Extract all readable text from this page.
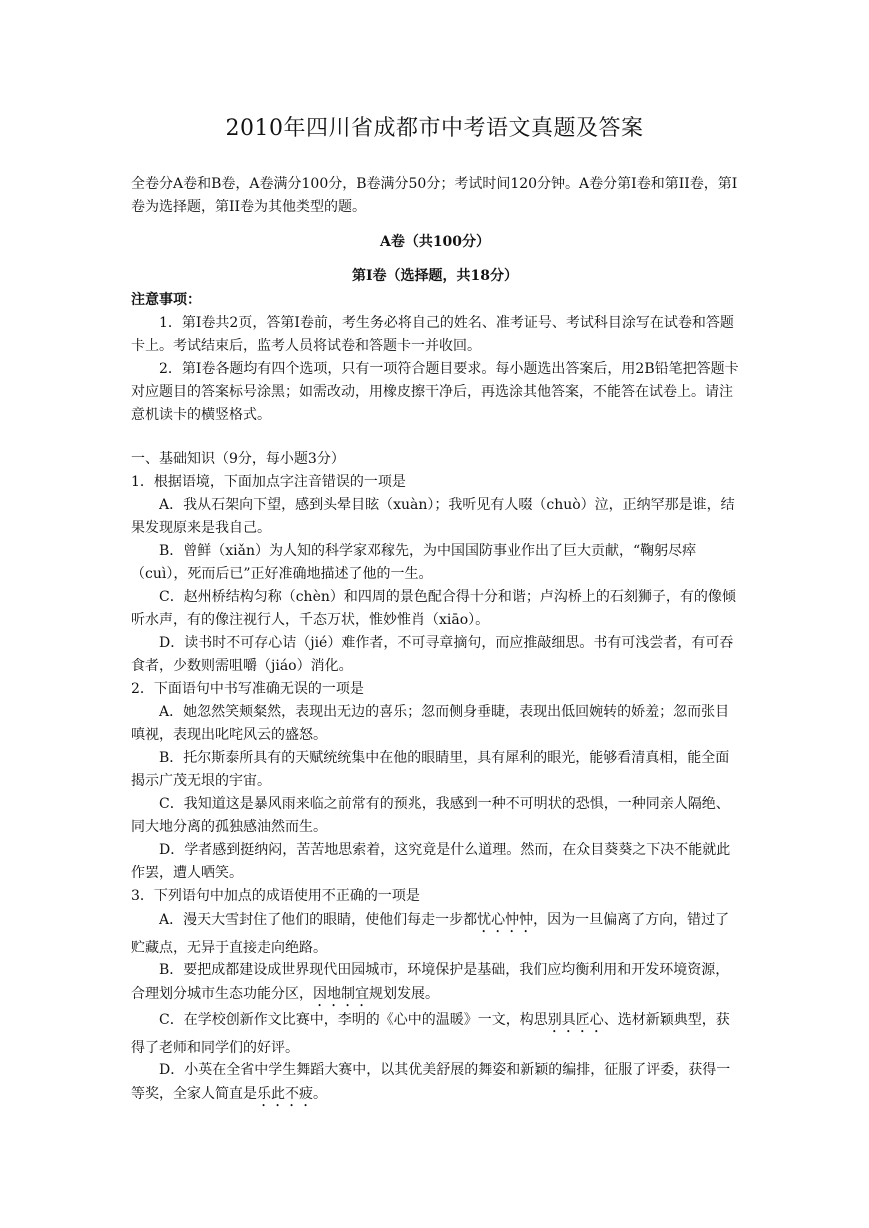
2010年四川省成都市中考语文真题及答案

全卷分A卷和B卷，A卷满分100分，B卷满分50分；考试时间120分钟。A卷分第Ⅰ卷和第II卷，第Ⅰ 卷为选择题，第II卷为其他类型的题。

A卷（共100分）

第Ⅰ卷（选择题，共18分）

注意事项：

1．第Ⅰ卷共2页，答第Ⅰ卷前，考生务必将自己的姓名、准考证号、考试科目涂写在试卷和答题卡上。考试结束后，监考人员将试卷和答题卡一并收回。

2．第Ⅰ卷各题均有四个选项，只有一项符合题目要求。每小题选出答案后，用2B铅笔把答题卡对应题目的答案标号涂黑；如需改动，用橡皮擦干净后，再选涂其他答案，不能答在试卷上。请注意机读卡的横竖格式。

一、基础知识（9分，每小题3分）

1．根据语境，下面加点字注音错误的一项是

A．我从石架向下望，感到头晕目眩（xuàn）；我听见有人啜（chuò）泣，正纳罕那是谁，结果发现原来是我自己。

B．曾鲜（xiǎn）为人知的科学家邓稼先，为中国国防事业作出了巨大贡献，“鞠躬尽瘁（cuì），死而后已”正好准确地描述了他的一生。

C．赵州桥结构匀称（chèn）和四周的景色配合得十分和谐；卢沟桥上的石刻狮子，有的像倾听水声，有的像注视行人，千态万状，惟妙惟肖（xiāo）。

D．读书时不可存心诘（jié）难作者，不可寻章摘句，而应推敲细思。书有可浅尝者，有可吞食者，少数则需咀嚼（jiáo）消化。

2．下面语句中书写准确无误的一项是

A．她忽然笑颊粲然，表现出无边的喜乐；忽而侧身垂睫，表现出低回婉转的娇羞；忽而张目嗔视，表现出叱咤风云的盛怒。

B．托尔斯泰所具有的天赋统统集中在他的眼睛里，具有犀利的眼光，能够看清真相，能全面揭示广茂无垠的宇宙。

C．我知道这是暴风雨来临之前常有的预兆，我感到一种不可明状的恐惧，一种同亲人隔绝、同大地分离的孤独感油然而生。

D．学者感到挺纳闷，苦苦地思索着，这究竟是什么道理。然而，在众目葵葵之下决不能就此作罢，遭人哂笑。

3．下列语句中加点的成语使用不正确的一项是

A．漫天大雪封住了他们的眼睛，使他们每走一步都忧心忡忡，因为一旦偏离了方向，错过了贮藏点，无异于直接走向绝路。

B．要把成都建设成世界现代田园城市，环境保护是基础，我们应均衡利用和开发环境资源，合理划分城市生态功能分区，因地制宜规划发展。

C．在学校创新作文比赛中，李明的《心中的温暖》一文，构思别具匠心、选材新颖典型，获得了老师和同学们的好评。

D．小英在全省中学生舞蹈大赛中，以其优美舒展的舞姿和新颖的编排，征服了评委，获得一等奖，全家人简直是乐此不疲。
